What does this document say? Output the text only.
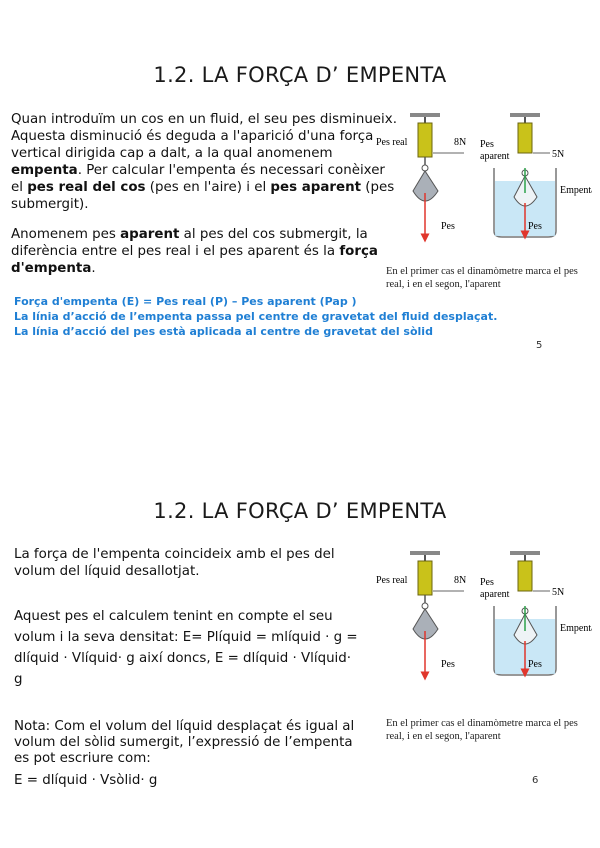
1.2. LA FORÇA D’ EMPENTA

Quan introduïm un cos en un fluid, el seu pes disminueix. Aquesta disminució és deguda a l'aparició d'una força vertical dirigida cap a dalt, a la qual anomenem empenta. Per calcular l'empenta és necessari conèixer el pes real del cos (pes en l'aire) i el pes aparent (pes submergit).

Anomenem pes aparent al pes del cos submergit, la diferència entre el pes real i el pes aparent és la força d'empenta.

Força d'empenta (E) = Pes real (P) – Pes aparent (Pap )
La línia d’acció de l’empenta passa pel centre de gravetat del fluid desplaçat.
La línia d’acció del pes està aplicada al centre de gravetat del sòlid
Pes real	8N
Pes
Pes
aparent	5N
Empenta
Pes
En el primer cas el dinamòmetre marca el pes real, i en el segon, l'aparent
5
1.2. LA FORÇA D’ EMPENTA

La força de l'empenta coincideix amb el pes del volum del líquid desallotjat.

Aquest pes el calculem tenint en compte el seu volum i la seva densitat: E= Plíquid = mlíquid · g = dlíquid · Vlíquid· g així doncs, E = dlíquid · Vlíquid· g

Nota: Com el volum del líquid desplaçat és igual al volum del sòlid sumergit, l’expressió de l’empenta es pot escriure com:

E = dlíquid · Vsòlid· g

Pes real	8N
Pes
Pes
aparent	5N
Empenta
Pes
En el primer cas el dinamòmetre marca el pes real, i en el segon, l'aparent
6
